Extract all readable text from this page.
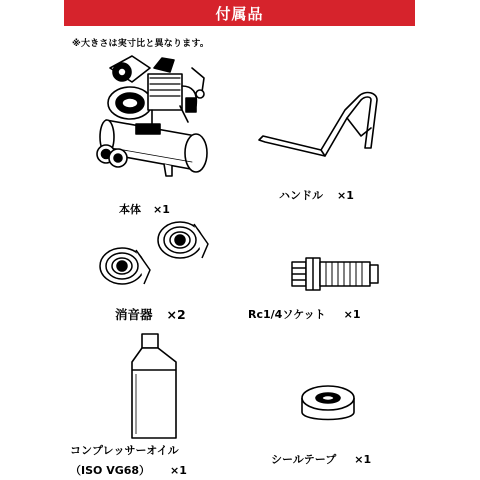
付属品
※大きさは実寸比と異なります。
本体 ×1
ハンドル ×1
消音器 ×2	Rc1/4ソケット ×1
コンプレッサーオイル
（ISO VG68） ×1
シールテープ ×1
